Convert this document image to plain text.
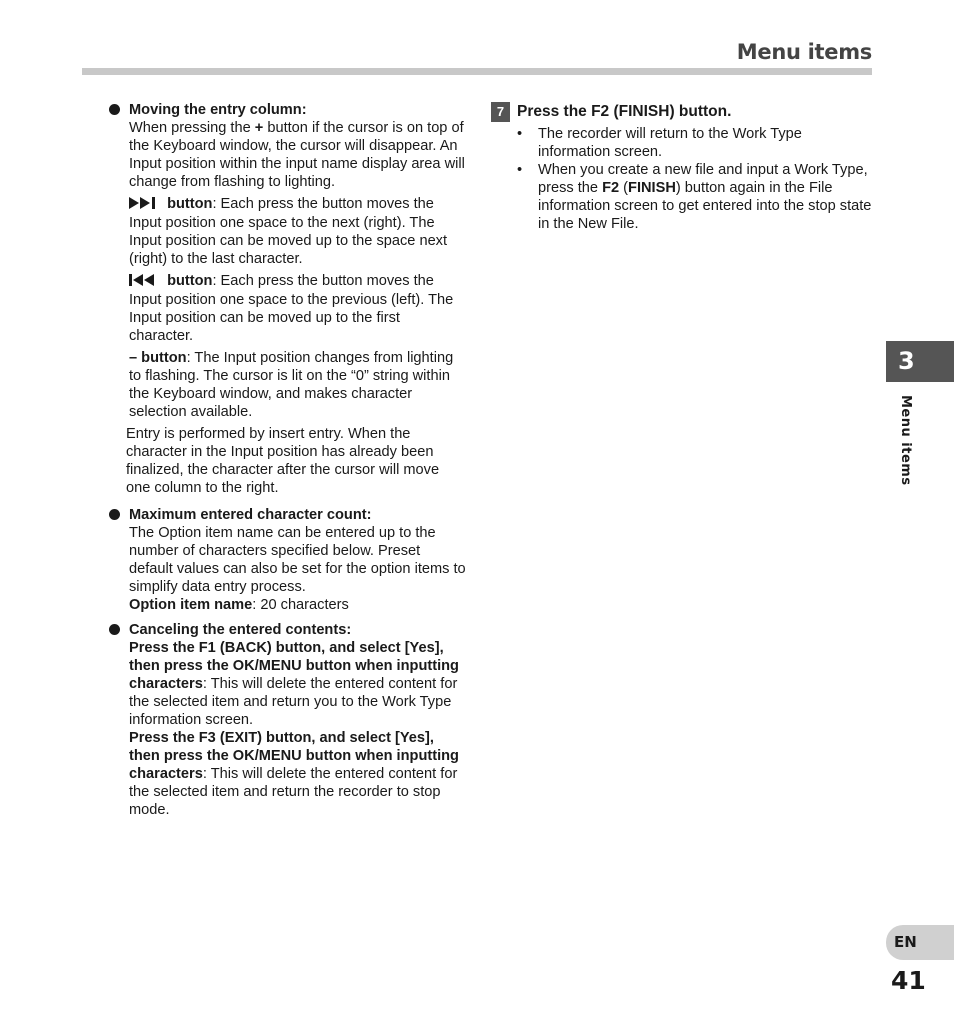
Menu items

Moving the entry column:

When pressing the + button if the cursor is on top of the Keyboard window, the cursor will disappear. An Input position within the input name display area will change from flashing to lighting.

button: Each press the button moves the Input position one space to the next (right). The Input position can be moved up to the space next (right) to the last character.

button: Each press the button moves the Input position one space to the previous (left). The Input position can be moved up to the first character.

– button: The Input position changes from lighting to flashing. The cursor is lit on the “0” string within the Keyboard window, and makes character selection available.

Entry is performed by insert entry. When the character in the Input position has already been finalized, the character after the cursor will move one column to the right.

Maximum entered character count:

The Option item name can be entered up to the number of characters specified below. Preset default values can also be set for the option items to simplify data entry process.

Option item name: 20 characters

Canceling the entered contents:

Press the F1 (BACK) button, and select [Yes], then press the OK/MENU button when inputting characters: This will delete the entered content for the selected item and return you to the Work Type information screen.

Press the F3 (EXIT) button, and select [Yes], then press the OK/MENU button when inputting characters: This will delete the entered content for the selected item and return the recorder to stop mode.

7 Press the F2 (FINISH) button.
• The recorder will return to the Work Type information screen.
• When you create a new file and input a Work Type, press the F2 (FINISH) button again in the File information screen to get entered into the stop state in the New File.
3
Menu items
EN
41
